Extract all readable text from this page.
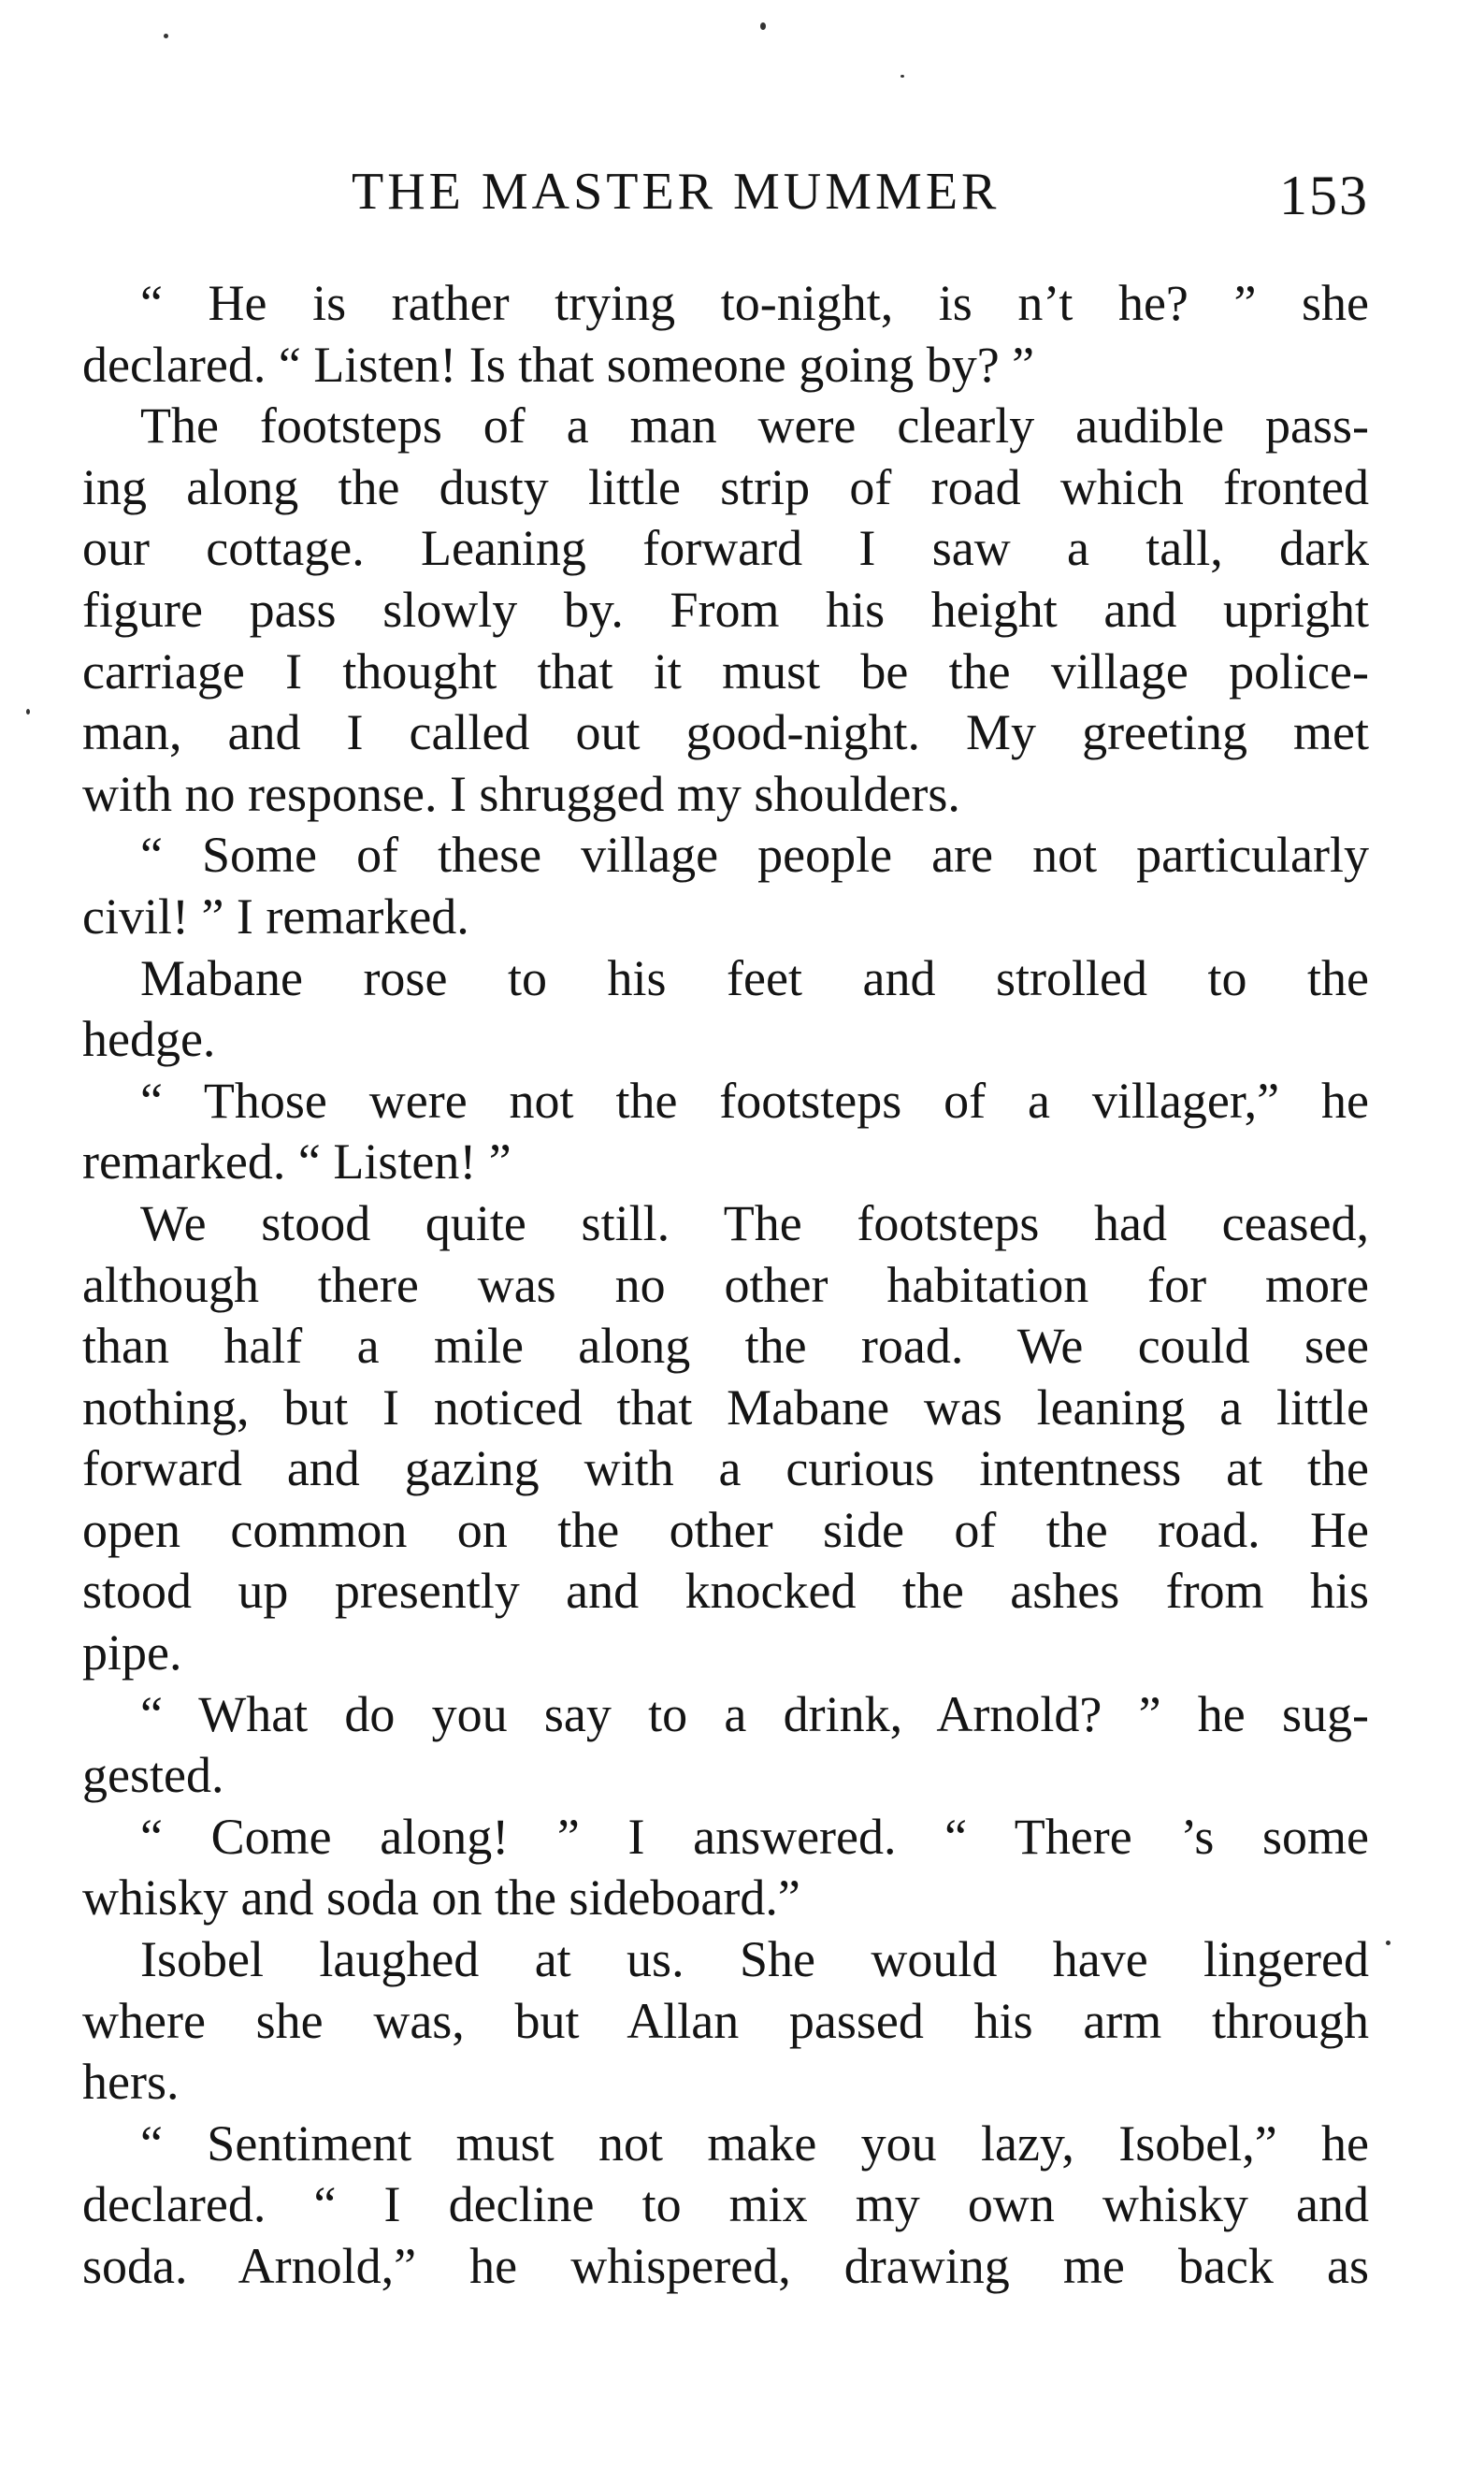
THE MASTER MUMMER	153
“ He is rather trying to-night, is n’t he? ” she
declared. “ Listen! Is that someone going by? ”
The footsteps of a man were clearly audible pass-
ing along the dusty little strip of road which fronted
our cottage. Leaning forward I saw a tall, dark
figure pass slowly by. From his height and upright
carriage I thought that it must be the village police-
man, and I called out good-night. My greeting met
with no response. I shrugged my shoulders.
“ Some of these village people are not particularly
civil! ” I remarked.
Mabane rose to his feet and strolled to the
hedge.
“ Those were not the footsteps of a villager,” he
remarked. “ Listen! ”
We stood quite still. The footsteps had ceased,
although there was no other habitation for more
than half a mile along the road. We could see
nothing, but I noticed that Mabane was leaning a little
forward and gazing with a curious intentness at the
open common on the other side of the road. He
stood up presently and knocked the ashes from his
pipe.
“ What do you say to a drink, Arnold? ” he sug-
gested.
“ Come along! ” I answered. “ There ’s some
whisky and soda on the sideboard.”
Isobel laughed at us. She would have lingered
where she was, but Allan passed his arm through
hers.
“ Sentiment must not make you lazy, Isobel,” he
declared. “ I decline to mix my own whisky and
soda. Arnold,” he whispered, drawing me back as
